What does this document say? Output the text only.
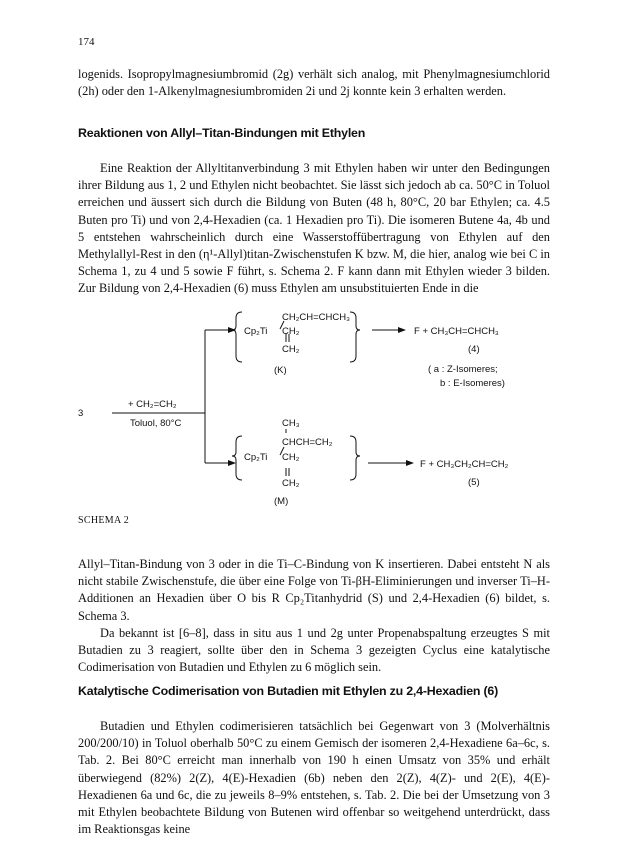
174

logenids. Isopropylmagnesiumbromid (2g) verhält sich analog, mit Phenylmagnesiumchlorid (2h) oder den 1-Alkenylmagnesiumbromiden 2i und 2j konnte kein 3 erhalten werden.

Reaktionen von Allyl–Titan-Bindungen mit Ethylen

Eine Reaktion der Allyltitanverbindung 3 mit Ethylen haben wir unter den Bedingungen ihrer Bildung aus 1, 2 und Ethylen nicht beobachtet. Sie lässt sich jedoch ab ca. 50°C in Toluol erreichen und äussert sich durch die Bildung von Buten (48 h, 80°C, 20 bar Ethylen; ca. 4.5 Buten pro Ti) und von 2,4-Hexadien (ca. 1 Hexadien pro Ti). Die isomeren Butene 4a, 4b und 5 entstehen wahrscheinlich durch eine Wasserstoffübertragung von Ethylen auf den Methylallyl-Rest in den (η¹-Allyl)titan-Zwischenstufen K bzw. M, die hier, analog wie bei C in Schema 1, zu 4 und 5 sowie F führt, s. Schema 2. F kann dann mit Ethylen wieder 3 bilden. Zur Bildung von 2,4-Hexadien (6) muss Ethylen am unsubstituierten Ende in die

3
+ CH₂=CH₂
Toluol, 80°C
CH₂CH=CHCH₃
Cp₂Ti CH₂
CH₂
(K)
F + CH₃CH=CHCH₃
(4)
( a : Z-Isomeres;
b : E-Isomeres)
CH₃
CHCH=CH₂
Cp₂Ti CH₂
CH₂
(M)
F + CH₃CH₂CH=CH₂
(5)
SCHEMA 2

Allyl–Titan-Bindung von 3 oder in die Ti–C-Bindung von K insertieren. Dabei entsteht N als nicht stabile Zwischenstufe, die über eine Folge von Ti-βH-Eliminierungen und inverser Ti–H-Additionen an Hexadien über O bis R Cp₂Titanhydrid (S) und 2,4-Hexadien (6) bildet, s. Schema 3.

Da bekannt ist [6–8], dass in situ aus 1 und 2g unter Propenabspaltung erzeugtes S mit Butadien zu 3 reagiert, sollte über den in Schema 3 gezeigten Cyclus eine katalytische Codimerisation von Butadien und Ethylen zu 6 möglich sein.

Katalytische Codimerisation von Butadien mit Ethylen zu 2,4-Hexadien (6)

Butadien und Ethylen codimerisieren tatsächlich bei Gegenwart von 3 (Molverhältnis 200/200/10) in Toluol oberhalb 50°C zu einem Gemisch der isomeren 2,4-Hexadiene 6a–6c, s. Tab. 2. Bei 80°C erreicht man innerhalb von 190 h einen Umsatz von 35% und erhält überwiegend (82%) 2(Z), 4(E)-Hexadien (6b) neben den 2(Z), 4(Z)- und 2(E), 4(E)-Hexadienen 6a und 6c, die zu jeweils 8–9% entstehen, s. Tab. 2. Die bei der Umsetzung von 3 mit Ethylen beobachtete Bildung von Butenen wird offenbar so weitgehend unterdrückt, dass im Reaktionsgas keine
